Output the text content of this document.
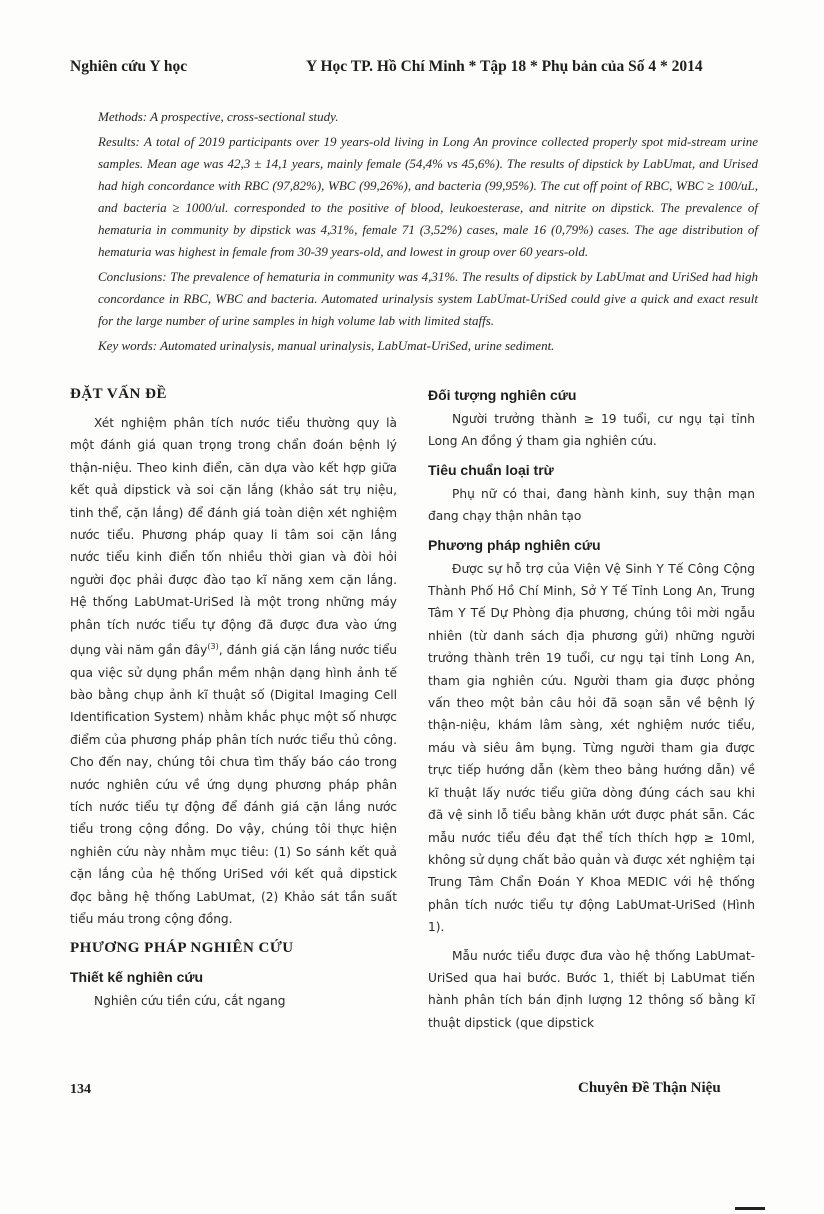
Nghiên cứu Y học	Y Học TP. Hồ Chí Minh * Tập 18 * Phụ bản của Số 4 * 2014

Methods: A prospective, cross-sectional study.

Results: A total of 2019 participants over 19 years-old living in Long An province collected properly spot mid-stream urine samples. Mean age was 42,3 ± 14,1 years, mainly female (54,4% vs 45,6%). The results of dipstick by LabUmat, and Urised had high concordance with RBC (97,82%), WBC (99,26%), and bacteria (99,95%). The cut off point of RBC, WBC ≥ 100/uL, and bacteria ≥ 1000/ul. corresponded to the positive of blood, leukoesterase, and nitrite on dipstick. The prevalence of hematuria in community by dipstick was 4,31%, female 71 (3,52%) cases, male 16 (0,79%) cases. The age distribution of hematuria was highest in female from 30-39 years-old, and lowest in group over 60 years-old.

Conclusions: The prevalence of hematuria in community was 4,31%. The results of dipstick by LabUmat and UriSed had high concordance in RBC, WBC and bacteria. Automated urinalysis system LabUmat-UriSed could give a quick and exact result for the large number of urine samples in high volume lab with limited staffs.

Key words: Automated urinalysis, manual urinalysis, LabUmat-UriSed, urine sediment.

ĐẶT VẤN ĐỀ

Xét nghiệm phân tích nước tiểu thường quy là một đánh giá quan trọng trong chẩn đoán bệnh lý thận-niệu. Theo kinh điển, căn dựa vào kết hợp giữa kết quả dipstick và soi cặn lắng (khảo sát trụ niệu, tinh thể, cặn lắng) để đánh giá toàn diện xét nghiệm nước tiểu. Phương pháp quay li tâm soi cặn lắng nước tiểu kinh điển tốn nhiều thời gian và đòi hỏi người đọc phải được đào tạo kĩ năng xem cặn lắng. Hệ thống LabUmat-UriSed là một trong những máy phân tích nước tiểu tự động đã được đưa vào ứng dụng vài năm gần đây$^{(3)}$, đánh giá cặn lắng nước tiểu qua việc sử dụng phần mềm nhận dạng hình ảnh tế bào bằng chụp ảnh kĩ thuật số (Digital Imaging Cell Identification System) nhằm khắc phục một số nhược điểm của phương pháp phân tích nước tiểu thủ công. Cho đến nay, chúng tôi chưa tìm thấy báo cáo trong nước nghiên cứu về ứng dụng phương pháp phân tích nước tiểu tự động để đánh giá cặn lắng nước tiểu trong cộng đồng. Do vậy, chúng tôi thực hiện nghiên cứu này nhằm mục tiêu: (1) So sánh kết quả cặn lắng của hệ thống UriSed với kết quả dipstick đọc bằng hệ thống LabUmat, (2) Khảo sát tần suất tiểu máu trong cộng đồng.

PHƯƠNG PHÁP NGHIÊN CỨU
Thiết kế nghiên cứu

Nghiên cứu tiền cứu, cắt ngang

Đối tượng nghiên cứu

Người trưởng thành ≥ 19 tuổi, cư ngụ tại tỉnh Long An đồng ý tham gia nghiên cứu.

Tiêu chuẩn loại trừ

Phụ nữ có thai, đang hành kinh, suy thận mạn đang chạy thận nhân tạo

Phương pháp nghiên cứu

Được sự hỗ trợ của Viện Vệ Sinh Y Tế Công Cộng Thành Phố Hồ Chí Minh, Sở Y Tế Tỉnh Long An, Trung Tâm Y Tế Dự Phòng địa phương, chúng tôi mời ngẫu nhiên (từ danh sách địa phương gửi) những người trưởng thành trên 19 tuổi, cư ngụ tại tỉnh Long An, tham gia nghiên cứu. Người tham gia được phỏng vấn theo một bản câu hỏi đã soạn sẵn về bệnh lý thận-niệu, khám lâm sàng, xét nghiệm nước tiểu, máu và siêu âm bụng. Từng người tham gia được trực tiếp hướng dẫn (kèm theo bảng hướng dẫn) về kĩ thuật lấy nước tiểu giữa dòng đúng cách sau khi đã vệ sinh lỗ tiểu bằng khăn ướt được phát sẵn. Các mẫu nước tiểu đều đạt thể tích thích hợp ≥ 10ml, không sử dụng chất bảo quản và được xét nghiệm tại Trung Tâm Chẩn Đoán Y Khoa MEDIC với hệ thống phân tích nước tiểu tự động LabUmat-UriSed (Hình 1).

Mẫu nước tiểu được đưa vào hệ thống LabUmat-UriSed qua hai bước. Bước 1, thiết bị LabUmat tiến hành phân tích bán định lượng 12 thông số bằng kĩ thuật dipstick (que dipstick

134	Chuyên Đề Thận Niệu
